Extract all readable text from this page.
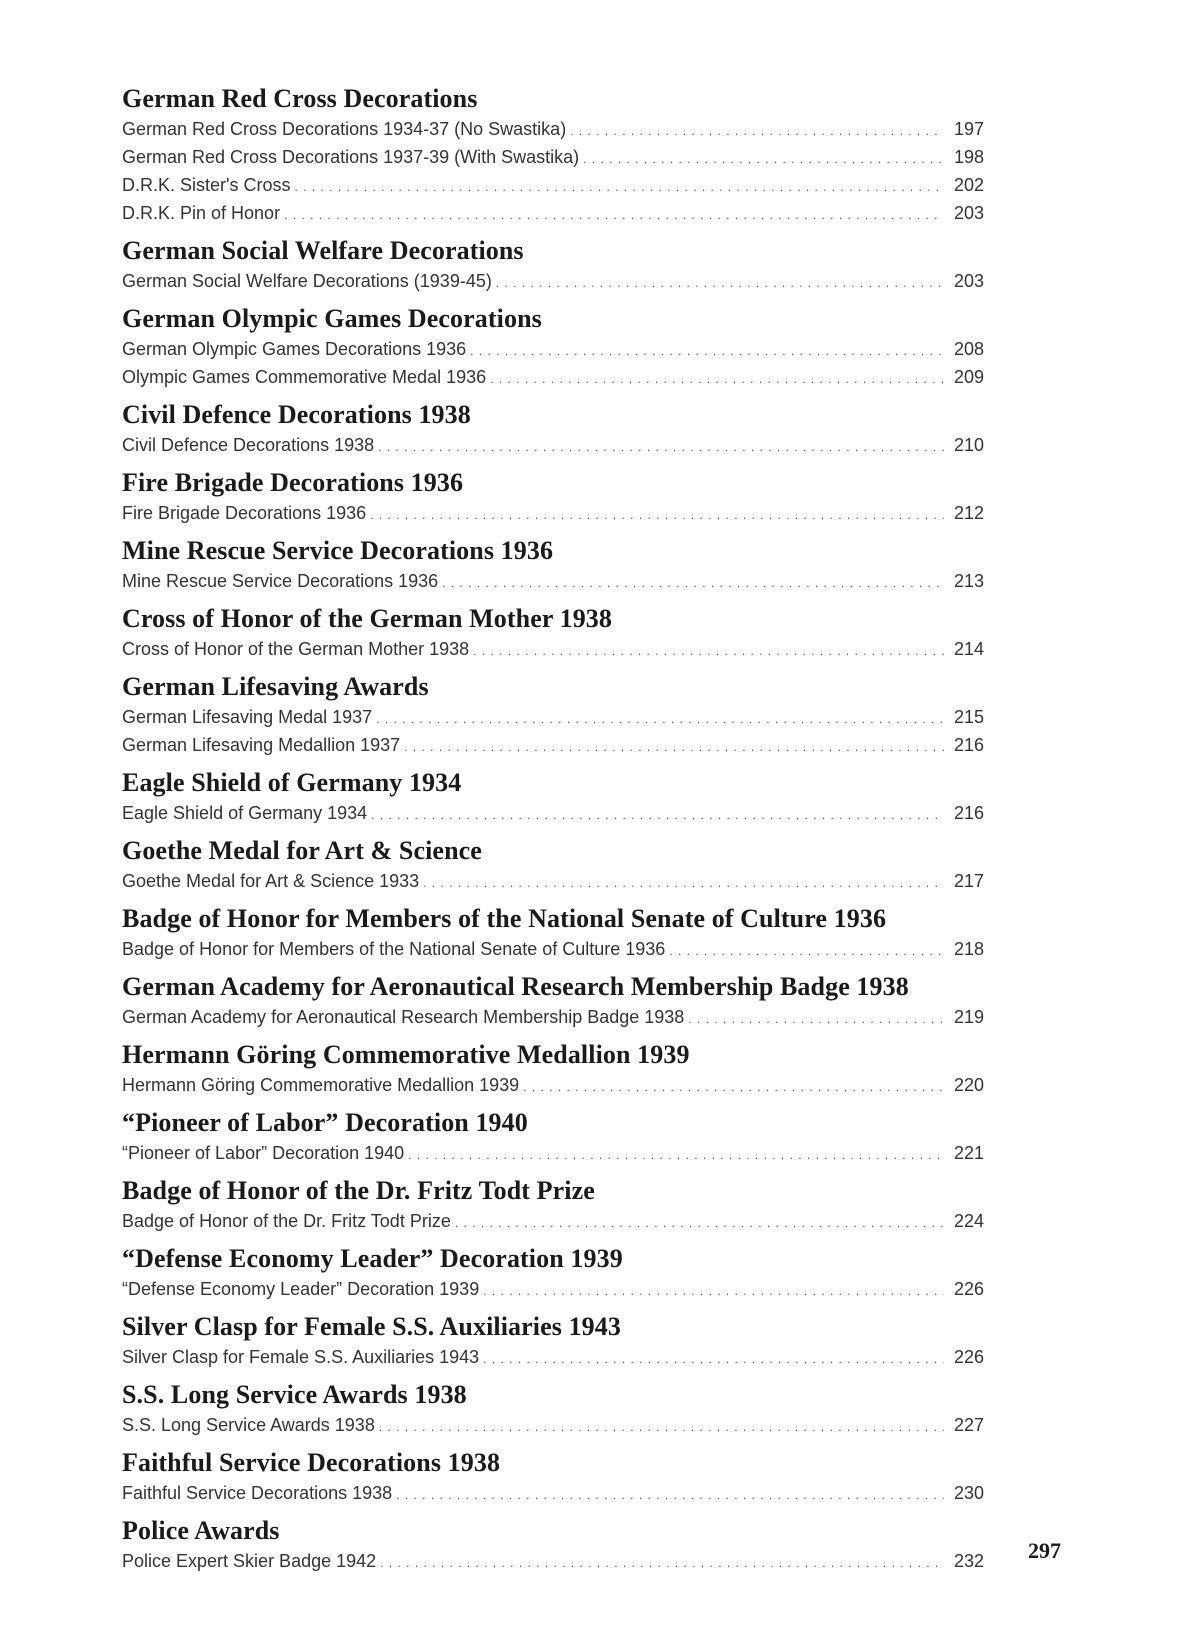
German Red Cross Decorations
German Red Cross Decorations 1934-37 (No Swastika) . . .	197
German Red Cross Decorations 1937-39 (With Swastika) . . .	198
D.R.K. Sister's Cross . . .	202
D.R.K. Pin of Honor . . .	203
German Social Welfare Decorations
German Social Welfare Decorations (1939-45) . . .	203
German Olympic Games Decorations
German Olympic Games Decorations 1936 . . .	208
Olympic Games Commemorative Medal 1936 . . .	209
Civil Defence Decorations 1938
Civil Defence Decorations 1938 . . .	210
Fire Brigade Decorations 1936
Fire Brigade Decorations 1936 . . .	212
Mine Rescue Service Decorations 1936
Mine Rescue Service Decorations 1936 . . .	213
Cross of Honor of the German Mother 1938
Cross of Honor of the German Mother 1938 . . .	214
German Lifesaving Awards
German Lifesaving Medal 1937 . . .	215
German Lifesaving Medallion 1937 . . .	216
Eagle Shield of Germany 1934
Eagle Shield of Germany 1934 . . .	216
Goethe Medal for Art & Science
Goethe Medal for Art & Science 1933 . . .	217
Badge of Honor for Members of the National Senate of Culture 1936
Badge of Honor for Members of the National Senate of Culture 1936 . . .	218
German Academy for Aeronautical Research Membership Badge 1938
German Academy for Aeronautical Research Membership Badge 1938 . . .	219
Hermann Göring Commemorative Medallion 1939
Hermann Göring Commemorative Medallion 1939 . . .	220
“Pioneer of Labor” Decoration 1940
“Pioneer of Labor” Decoration 1940 . . .	221
Badge of Honor of the Dr. Fritz Todt Prize
Badge of Honor of the Dr. Fritz Todt Prize . . .	224
“Defense Economy Leader” Decoration 1939
“Defense Economy Leader” Decoration 1939 . . .	226
Silver Clasp for Female S.S. Auxiliaries 1943
Silver Clasp for Female S.S. Auxiliaries 1943 . . .	226
S.S. Long Service Awards 1938
S.S. Long Service Awards 1938 . . .	227
Faithful Service Decorations 1938
Faithful Service Decorations 1938 . . .	230
Police Awards
Police Expert Skier Badge 1942 . . .	232 297
